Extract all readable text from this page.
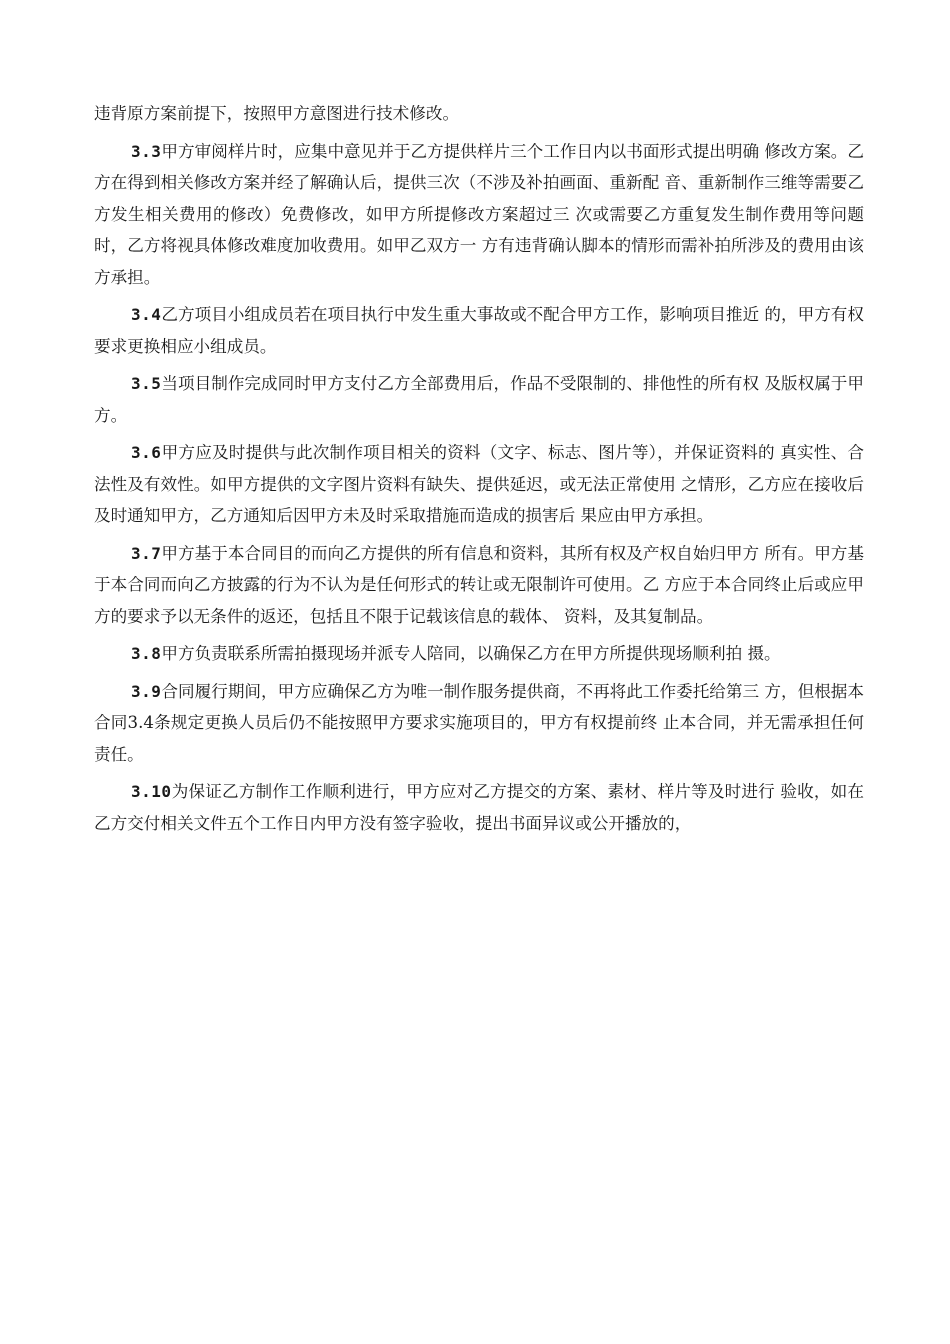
违背原方案前提下，按照甲方意图进行技术修改。

3.3甲方审阅样片时，应集中意见并于乙方提供样片三个工作日内以书面形式提出明确 修改方案。乙方在得到相关修改方案并经了解确认后，提供三次（不涉及补拍画面、重新配 音、重新制作三维等需要乙方发生相关费用的修改）免费修改，如甲方所提修改方案超过三 次或需要乙方重复发生制作费用等问题时，乙方将视具体修改难度加收费用。如甲乙双方一 方有违背确认脚本的情形而需补拍所涉及的费用由该方承担。

3.4乙方项目小组成员若在项目执行中发生重大事故或不配合甲方工作，影响项目推近 的，甲方有权要求更换相应小组成员。

3.5当项目制作完成同时甲方支付乙方全部费用后，作品不受限制的、排他性的所有权 及版权属于甲方。

3.6甲方应及时提供与此次制作项目相关的资料（文字、标志、图片等），并保证资料的 真实性、合法性及有效性。如甲方提供的文字图片资料有缺失、提供延迟，或无法正常使用 之情形，乙方应在接收后及时通知甲方，乙方通知后因甲方未及时采取措施而造成的损害后 果应由甲方承担。

3.7甲方基于本合同目的而向乙方提供的所有信息和资料，其所有权及产权自始归甲方 所有。甲方基于本合同而向乙方披露的行为不认为是任何形式的转让或无限制许可使用。乙 方应于本合同终止后或应甲方的要求予以无条件的返还，包括且不限于记载该信息的载体、 资料，及其复制品。

3.8甲方负责联系所需拍摄现场并派专人陪同，以确保乙方在甲方所提供现场顺利拍 摄。

3.9合同履行期间，甲方应确保乙方为唯一制作服务提供商，不再将此工作委托给第三 方，但根据本合同3.4条规定更换人员后仍不能按照甲方要求实施项目的，甲方有权提前终 止本合同，并无需承担任何责任。

3.10为保证乙方制作工作顺利进行，甲方应对乙方提交的方案、素材、样片等及时进行 验收，如在乙方交付相关文件五个工作日内甲方没有签字验收，提出书面异议或公开播放的，
